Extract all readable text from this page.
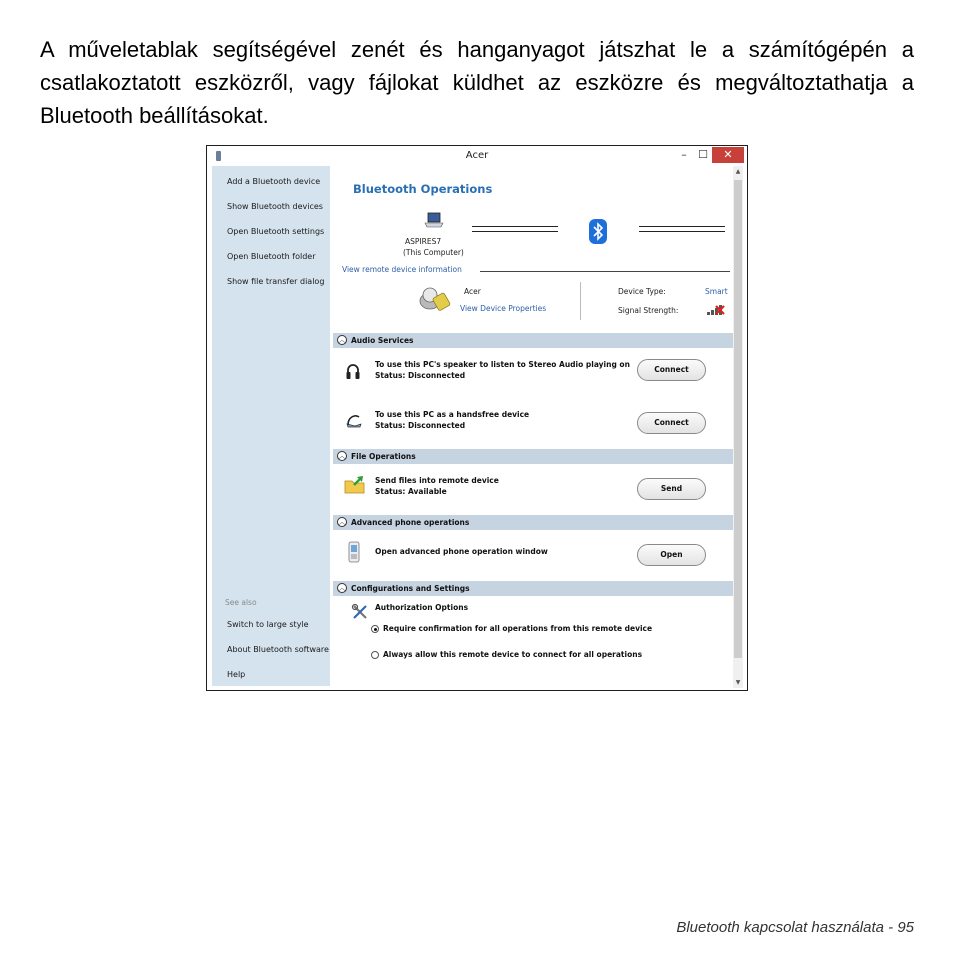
A műveletablak segítségével zenét és hanganyagot játszhat le a számítógépén a csatlakoztatott eszközről, vagy fájlokat küldhet az eszközre és megváltoztathatja a Bluetooth beállításokat.

Acer	–	☐	✕
Add a Bluetooth device
Show Bluetooth devices
Open Bluetooth settings
Open Bluetooth folder
Show file transfer dialog
See also
Switch to large style
About Bluetooth software
Help
Bluetooth Operations
ASPIRES7
(This Computer)
View remote device information
Acer
View Device Properties
Device Type:	Smart
Signal Strength:
︿ Audio Services
To use this PC's speaker to listen to Stereo Audio playing on
Status: Disconnected
Connect
To use this PC as a handsfree device
Status: Disconnected	Connect
︿ File Operations
Send files into remote device
Status: Available	Send
︿ Advanced phone operations
Open advanced phone operation window	Open
︿ Configurations and Settings
Authorization Options
Require confirmation for all operations from this remote device
Always allow this remote device to connect for all operations
▲
▼
Bluetooth kapcsolat használata - 95
